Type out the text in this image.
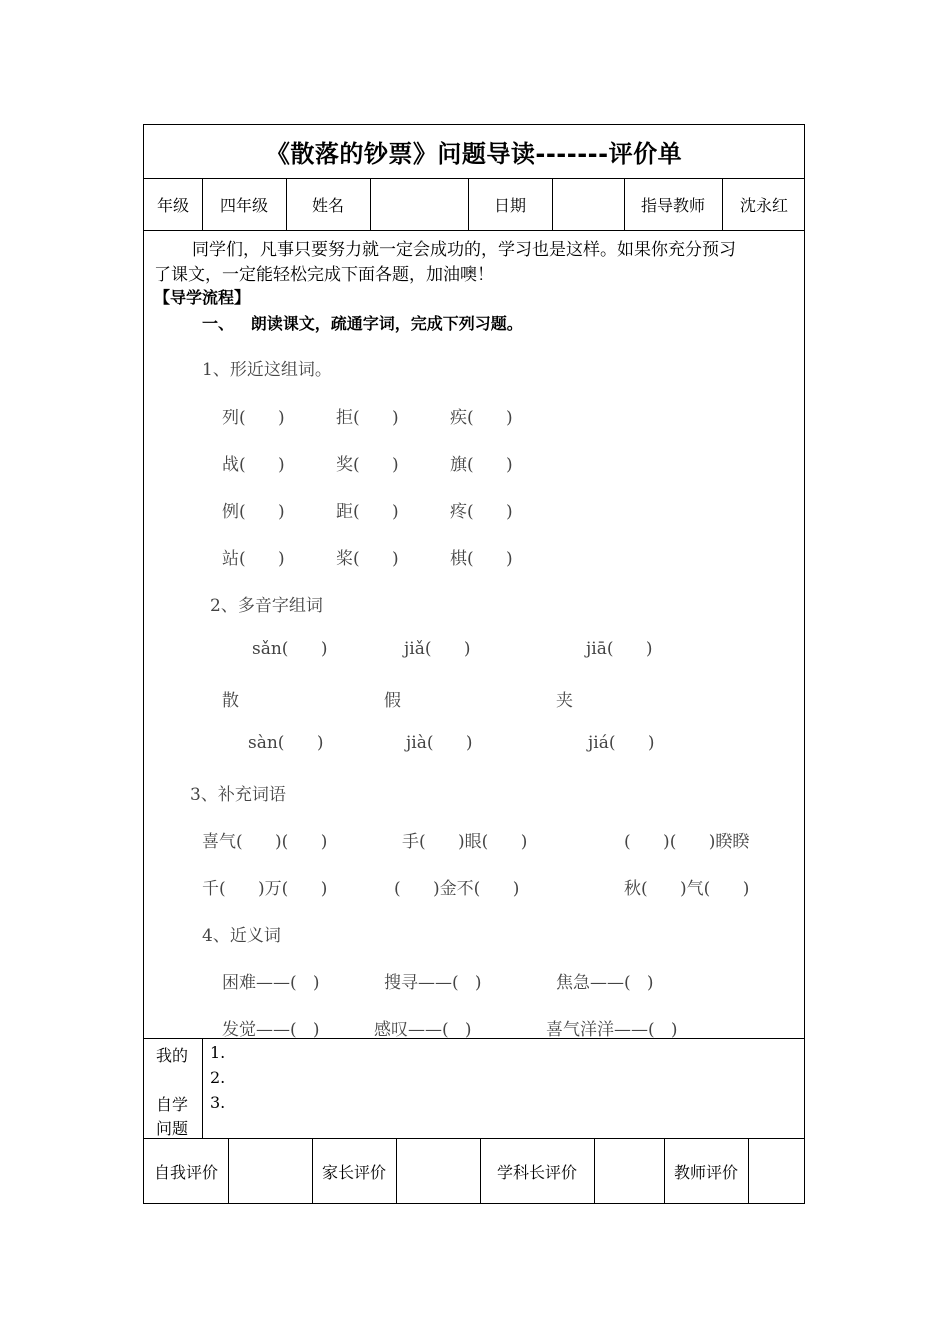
《散落的钞票》问题导读-------评价单
年级	四年级	姓名	日期	指导教师	沈永红
同学们，凡事只要努力就一定会成功的，学习也是这样。如果你充分预习
了课文，一定能轻松完成下面各题，加油噢！
【导学流程】
一、   朗读课文，疏通字词，完成下列习题。
1、形近这组词。
列(      )	拒(      )	疾(      )
战(      )	奖(      )	旗(      )
例(      )	距(      )	疼(      )
站(      )	桨(      )	棋(      )
2、多音字组词
sǎn(      )	jiǎ(      )	jiā(      )
散	假	夹
sàn(      )	jià(      )	jiá(      )
3、补充词语
喜气(      )(      )	手(      )眼(      )	(      )(      )睽睽
千(      )万(      )	(      )金不(      )	秋(      )气(      )
4、近义词
困难——(   )	搜寻——(   )	焦急——(   )
发觉——(   )	感叹——(   )	喜气洋洋——(   )
我的
自学
问题
1.
2.
3.
自我评价	家长评价	学科长评价	教师评价
